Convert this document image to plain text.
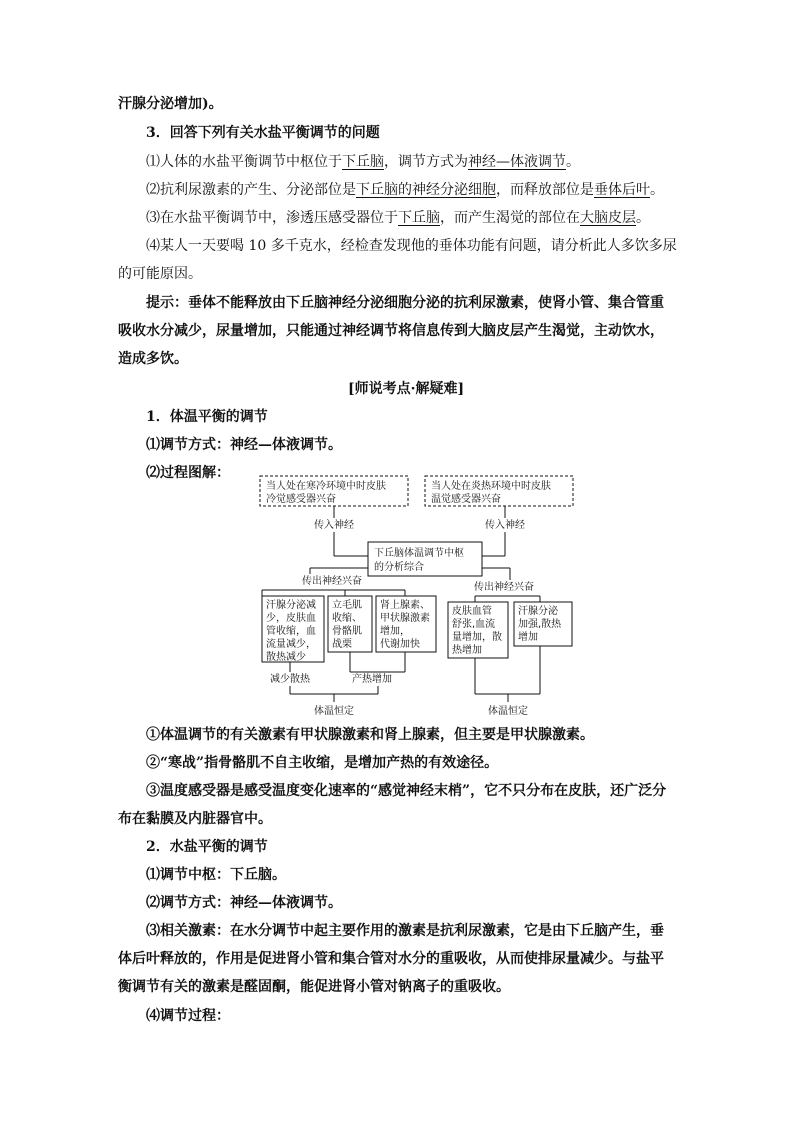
汗腺分泌增加)。
3．回答下列有关水盐平衡调节的问题
⑴人体的水盐平衡调节中枢位于下丘脑，调节方式为神经—体液调节。
⑵抗利尿激素的产生、分泌部位是下丘脑的神经分泌细胞，而释放部位是垂体后叶。
⑶在水盐平衡调节中，渗透压感受器位于下丘脑，而产生渴觉的部位在大脑皮层。
⑷某人一天要喝 10 多千克水，经检查发现他的垂体功能有问题，请分析此人多饮多尿
的可能原因。
提示：垂体不能释放由下丘脑神经分泌细胞分泌的抗利尿激素，使肾小管、集合管重
吸收水分减少，尿量增加，只能通过神经调节将信息传到大脑皮层产生渴觉，主动饮水，
造成多饮。
[师说考点·解疑难]
1．体温平衡的调节
⑴调节方式：神经—体液调节。
⑵过程图解：
当人处在寒冷环境中时皮肤
冷觉感受器兴奋
当人处在炎热环境中时皮肤
温觉感受器兴奋
传入神经	传入神经
下丘脑体温调节中枢
的分析综合
传出神经兴奋
传出神经兴奋
汗腺分泌减
少，皮肤血
管收缩，血
流量减少，
散热减少
立毛肌
收缩、
骨骼肌
战栗
肾上腺素、
甲状腺激素
增加，
代谢加快
皮肤血管
舒张,血流
量增加，散
热增加
汗腺分泌
加强,散热
增加
减少散热	产热增加
体温恒定	体温恒定
①体温调节的有关激素有甲状腺激素和肾上腺素，但主要是甲状腺激素。
②“寒战”指骨骼肌不自主收缩，是增加产热的有效途径。
③温度感受器是感受温度变化速率的“感觉神经末梢”，它不只分布在皮肤，还广泛分
布在黏膜及内脏器官中。
2．水盐平衡的调节
⑴调节中枢：下丘脑。
⑵调节方式：神经—体液调节。
⑶相关激素：在水分调节中起主要作用的激素是抗利尿激素，它是由下丘脑产生，垂
体后叶释放的，作用是促进肾小管和集合管对水分的重吸收，从而使排尿量减少。与盐平
衡调节有关的激素是醛固酮，能促进肾小管对钠离子的重吸收。
⑷调节过程：
